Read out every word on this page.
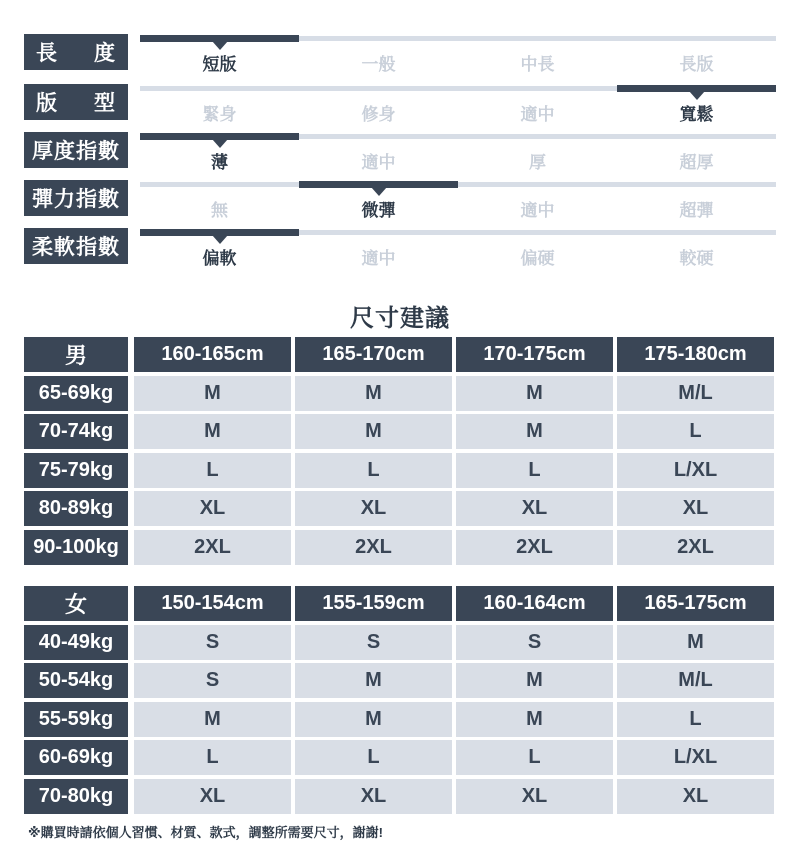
長 度	短版	一般	中長	長版
版 型	緊身	修身	適中	寬鬆
厚度指數	薄	適中	厚	超厚
彈力指數	無	微彈	適中	超彈
柔軟指數	偏軟	適中	偏硬	較硬
尺寸建議
男	160-165cm	165-170cm	170-175cm	175-180cm
65-69kg	M	M	M	M/L
70-74kg	M	M	M	L
75-79kg	L	L	L	L/XL
80-89kg	XL	XL	XL	XL
90-100kg	2XL	2XL	2XL	2XL
女	150-154cm	155-159cm	160-164cm	165-175cm
40-49kg	S	S	S	M
50-54kg	S	M	M	M/L
55-59kg	M	M	M	L
60-69kg	L	L	L	L/XL
70-80kg	XL	XL	XL	XL
※購買時請依個人習慣、材質、款式，調整所需要尺寸，謝謝!
